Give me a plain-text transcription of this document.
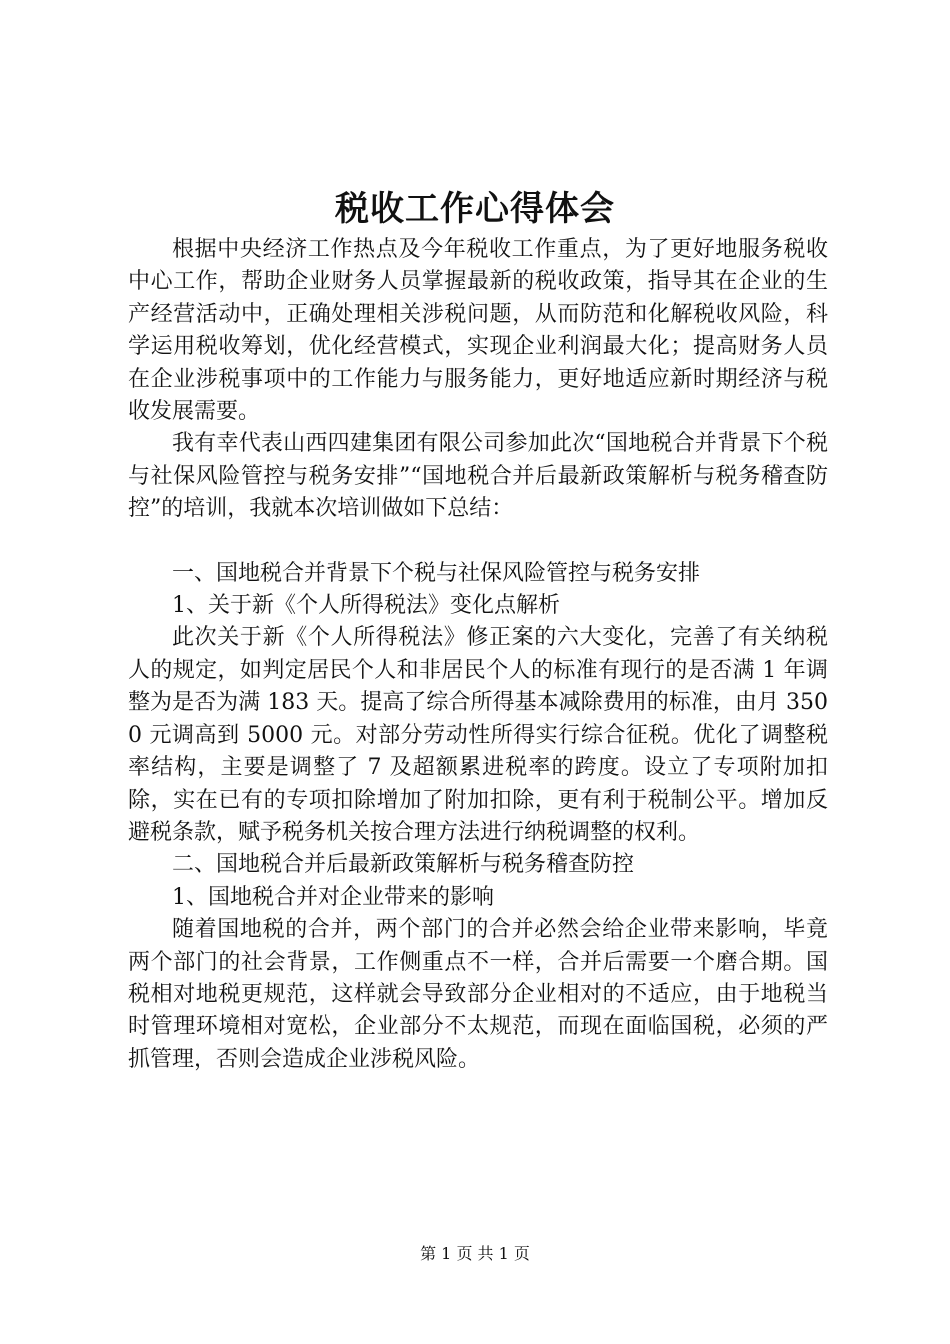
税收工作心得体会

根据中央经济工作热点及今年税收工作重点，为了更好地服务税收中心工作，帮助企业财务人员掌握最新的税收政策，指导其在企业的生产经营活动中，正确处理相关涉税问题，从而防范和化解税收风险，科学运用税收筹划，优化经营模式，实现企业利润最大化；提高财务人员在企业涉税事项中的工作能力与服务能力，更好地适应新时期经济与税收发展需要。

我有幸代表山西四建集团有限公司参加此次“国地税合并背景下个税与社保风险管控与税务安排”“国地税合并后最新政策解析与税务稽查防控”的培训，我就本次培训做如下总结：

一、国地税合并背景下个税与社保风险管控与税务安排

1、关于新《个人所得税法》变化点解析

此次关于新《个人所得税法》修正案的六大变化，完善了有关纳税人的规定，如判定居民个人和非居民个人的标准有现行的是否满 1 年调整为是否为满 183 天。提高了综合所得基本减除费用的标准，由月 3500 元调高到 5000 元。对部分劳动性所得实行综合征税。优化了调整税率结构，主要是调整了 7 及超额累进税率的跨度。设立了专项附加扣除，实在已有的专项扣除增加了附加扣除，更有利于税制公平。增加反避税条款，赋予税务机关按合理方法进行纳税调整的权利。

二、国地税合并后最新政策解析与税务稽查防控

1、国地税合并对企业带来的影响

随着国地税的合并，两个部门的合并必然会给企业带来影响，毕竟两个部门的社会背景，工作侧重点不一样，合并后需要一个磨合期。国税相对地税更规范，这样就会导致部分企业相对的不适应，由于地税当时管理环境相对宽松，企业部分不太规范，而现在面临国税，必须的严抓管理，否则会造成企业涉税风险。

第 1 页 共 1 页
